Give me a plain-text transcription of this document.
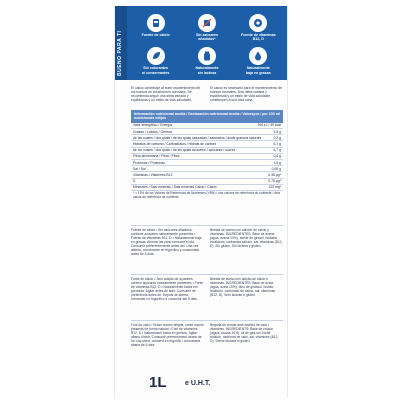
BUENO PARA TI	Fuente de calcio	Sin azúcares
añadidos*
Fuente de vitaminas
B12, D
Sin colorantes
ni conservantes
Naturalmente
sin lactosa
Naturalmente
baja en grasas

El calcio contribuye al buen mantenimiento de los huesos en condiciones normales. Se recomienda seguir una dieta variada y equilibrada y un estilo de vida saludable.

El calcio es necesario para el mantenimiento de huesos normales. Una dieta variada y equilibrada y un estilo de vida saludable contribuyen a una vida sana.

por / per 100 ml
Información nutricional media / Declaración nutricional media / Valors nutricionals mitjos
Valor energético / Energia	206 kJ / 49 kcal
Grasas / Lípidos / Greixos	1,8 g
de las cuales / dos quais / de les quals saturadas / saturados / àcids grassos saturats	0,2 g
Hidratos de carbono / Carboidratos / Hidrats de carboni	6,7 g
de los cuales / dos quais / de les quals azúcares / açúcares / sucres	6,7 g
Fibra alimentaria / Fibra / Fibra	0,6 g
Proteínas / Proteínas	1,0 g
Sal / Sal	0,06 g
Vitaminas / Vitamines B12	0,38 µg*
D	0,75 µg*
Minerales / Sais minerais / Sals minerals Calcio / Cálcio	120 mg*
* = 15% de los Valores de Referencia de Nutrientes (VRN) / dos valores de referência do nutriente / dels valors de referència de nutrients

Fuente de calcio • Sin azúcares añadidos, contiene azúcares naturalmente presentes • Fuente de vitaminas B12, D • Naturalmente baja en grasas. Ahorrar las para consumir el día. Consumir preferentemente antes del. Una vez abierto, consérvese en frigorífico y consúmase antes de 5 días.

Bebida de avena con adición de calcio y vitaminas. INGREDIENTES: Base de avena (agua, avena 10%), aceite de girasol, fosfatos tricálcicos, carbonato cálcico, sal, vitaminas (B12, D). Sin gluten. Sin lácteos y gluten.

Fonte de cálcio • Sem adição de açúcares, contém açúcares naturalmente presentes • Fonte de vitaminas B12, D • Naturalmente baixa em gorduras. Agitar antes de abrir. Consumir de preferência antes de. Depois de aberta, conservar no frigorífico e consumir até 5 dias.

Bebida de aveia com adição de cálcio e vitaminas. INGREDIENTES: Base de aveia (água, aveia 10%), óleo de girassol, fosfato tricálcico, carbonato de cálcio, sal, vitaminas (B12, D). Sem lactose e glúten.

Font de calci • Sense sucres afegits, conté sucres presents de forma natural • Font de vitamines B12, D • Naturalment baixa en greixos. Agitar abans d'obrir. Consumir preferentment abans de. Un cop obert, conservi en frigorífic i consumeixi abans de 5 dies.

Beguda de civada amb addició de calci i vitamines. INGREDIENTS: Base de civada (aigua, civada 10%), oli de gira-sol, fosfat tricàlcic, carbonat de calci, sal, vitamines (B12, D). Sense lactosa ni gluten.

1L	e U.H.T.
